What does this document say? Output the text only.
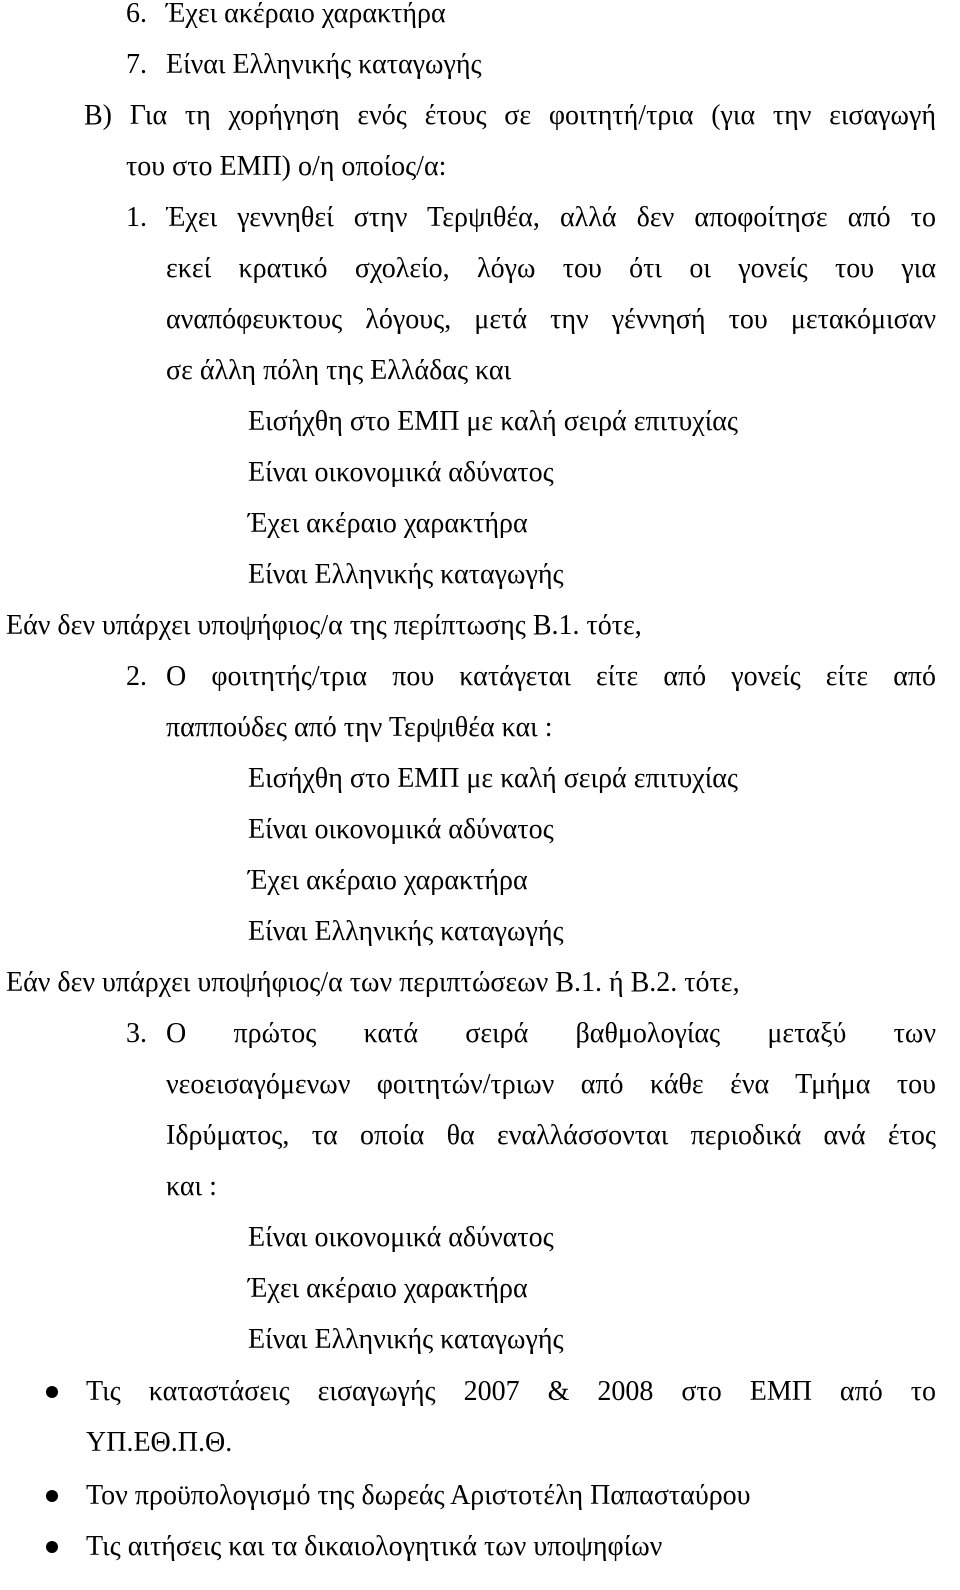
6. Έχει ακέραιο χαρακτήρα
7. Είναι Ελληνικής καταγωγής
Β) Για τη χορήγηση ενός έτους σε φοιτητή/τρια (για την εισαγωγή
του στο ΕΜΠ) ο/η οποίος/α:
1. Έχει γεννηθεί στην Τερψιθέα, αλλά δεν αποφοίτησε από το
εκεί κρατικό σχολείο, λόγω του ότι οι γονείς του για
αναπόφευκτους λόγους, μετά την γέννησή του μετακόμισαν
σε άλλη πόλη της Ελλάδας και
Εισήχθη στο ΕΜΠ με καλή σειρά επιτυχίας
Είναι οικονομικά αδύνατος
Έχει ακέραιο χαρακτήρα
Είναι Ελληνικής καταγωγής
Εάν δεν υπάρχει υποψήφιος/α της περίπτωσης Β.1. τότε,
2. Ο φοιτητής/τρια που κατάγεται είτε από γονείς είτε από
παππούδες από την Τερψιθέα και :
Εισήχθη στο ΕΜΠ με καλή σειρά επιτυχίας
Είναι οικονομικά αδύνατος
Έχει ακέραιο χαρακτήρα
Είναι Ελληνικής καταγωγής
Εάν δεν υπάρχει υποψήφιος/α των περιπτώσεων Β.1. ή Β.2. τότε,
3. Ο πρώτος κατά σειρά βαθμολογίας μεταξύ των
νεοεισαγόμενων φοιτητών/τριων από κάθε ένα Τμήμα του
Ιδρύματος, τα οποία θα εναλλάσσονται περιοδικά ανά έτος
και :
Είναι οικονομικά αδύνατος
Έχει ακέραιο χαρακτήρα
Είναι Ελληνικής καταγωγής
Τις καταστάσεις εισαγωγής 2007 & 2008 στο ΕΜΠ από το
ΥΠ.ΕΘ.Π.Θ.
Τον προϋπολογισμό της δωρεάς Αριστοτέλη Παπασταύρου
Τις αιτήσεις και τα δικαιολογητικά των υποψηφίων
